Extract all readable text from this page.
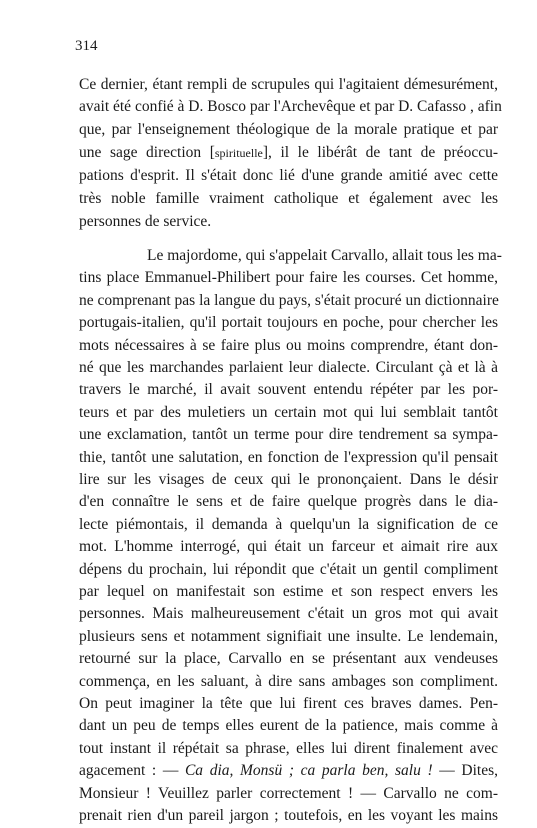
314
Ce dernier, étant rempli de scrupules qui l'agitaient démesurément,
avait été confié à D. Bosco par l'Archevêque et par D. Cafasso , afin
que, par l'enseignement théologique de la morale pratique et par
une sage direction [spirituelle], il le libérât de tant de préoccu-
pations d'esprit. Il s'était donc lié d'une grande amitié avec cette
très noble famille vraiment catholique et également avec les
personnes de service.
Le majordome, qui s'appelait Carvallo, allait tous les ma-
tins place Emmanuel-Philibert pour faire les courses. Cet homme,
ne comprenant pas la langue du pays, s'était procuré un dictionnaire
portugais-italien, qu'il portait toujours en poche, pour chercher les
mots nécessaires à se faire plus ou moins comprendre, étant don-
né que les marchandes parlaient leur dialecte. Circulant çà et là à
travers le marché, il avait souvent entendu répéter par les por-
teurs et par des muletiers un certain mot qui lui semblait tantôt
une exclamation, tantôt un terme pour dire tendrement sa sympa-
thie, tantôt une salutation, en fonction de l'expression qu'il pensait
lire sur les visages de ceux qui le prononçaient. Dans le désir
d'en connaître le sens et de faire quelque progrès dans le dia-
lecte piémontais, il demanda à quelqu'un la signification de ce
mot. L'homme interrogé, qui était un farceur et aimait rire aux
dépens du prochain, lui répondit que c'était un gentil compliment
par lequel on manifestait son estime et son respect envers les
personnes. Mais malheureusement c'était un gros mot qui avait
plusieurs sens et notamment signifiait une insulte. Le lendemain,
retourné sur la place, Carvallo en se présentant aux vendeuses
commença, en les saluant, à dire sans ambages son compliment.
On peut imaginer la tête que lui firent ces braves dames. Pen-
dant un peu de temps elles eurent de la patience, mais comme à
tout instant il répétait sa phrase, elles lui dirent finalement avec
agacement : — Ca dia, Monsü ; ca parla ben, salu ! — Dites,
Monsieur ! Veuillez parler correctement ! — Carvallo ne com-
prenait rien d'un pareil jargon ; toutefois, en les voyant les mains
